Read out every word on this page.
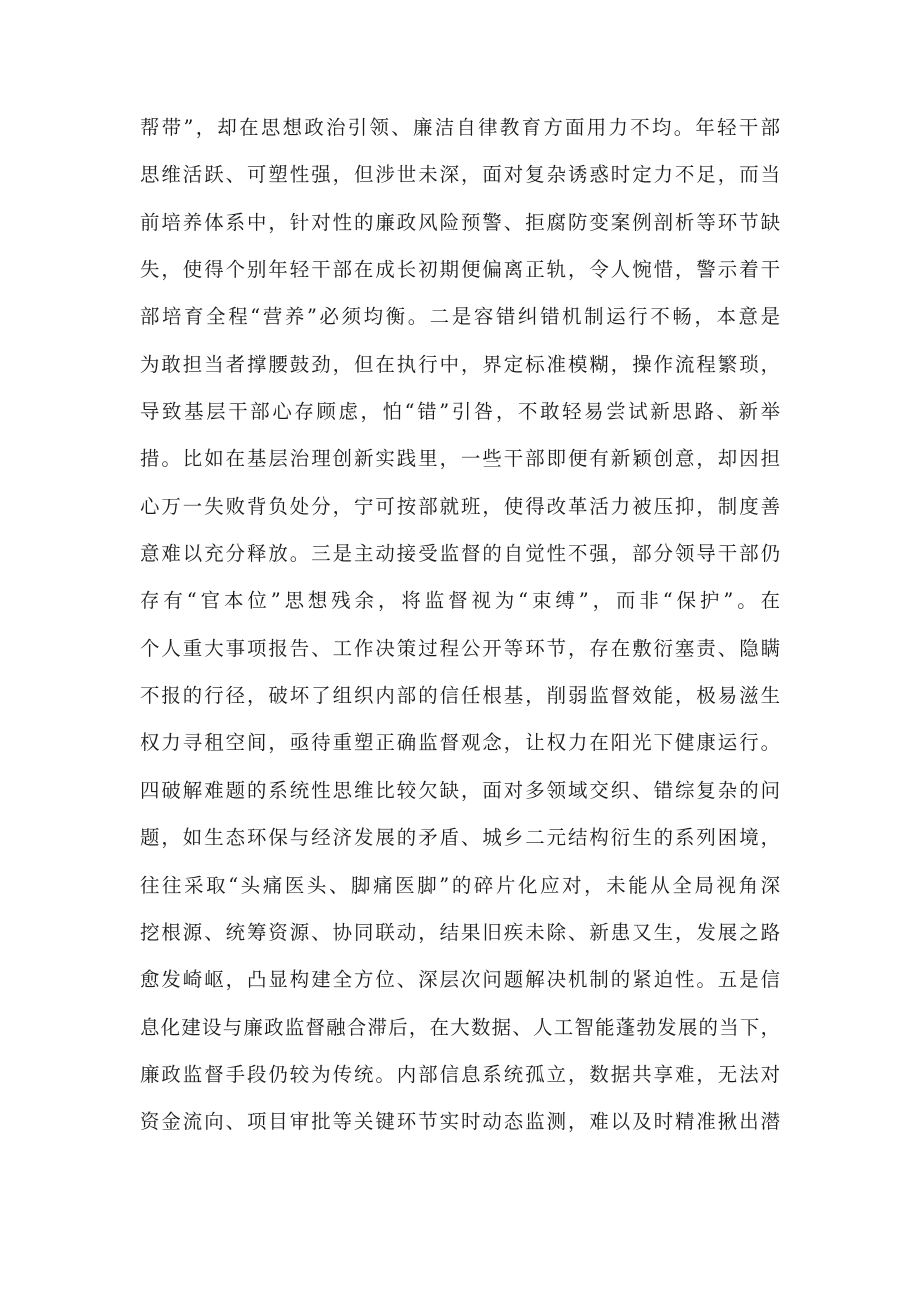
帮带”，却在思想政治引领、廉洁自律教育方面用力不均。年轻干部
思维活跃、可塑性强，但涉世未深，面对复杂诱惑时定力不足，而当
前培养体系中，针对性的廉政风险预警、拒腐防变案例剖析等环节缺
失，使得个别年轻干部在成长初期便偏离正轨，令人惋惜，警示着干
部培育全程“营养”必须均衡。二是容错纠错机制运行不畅，本意是
为敢担当者撑腰鼓劲，但在执行中，界定标准模糊，操作流程繁琐，
导致基层干部心存顾虑，怕“错”引咎，不敢轻易尝试新思路、新举
措。比如在基层治理创新实践里，一些干部即便有新颖创意，却因担
心万一失败背负处分，宁可按部就班，使得改革活力被压抑，制度善
意难以充分释放。三是主动接受监督的自觉性不强，部分领导干部仍
存有“官本位”思想残余，将监督视为“束缚”，而非“保护”。在
个人重大事项报告、工作决策过程公开等环节，存在敷衍塞责、隐瞒
不报的行径，破坏了组织内部的信任根基，削弱监督效能，极易滋生
权力寻租空间，亟待重塑正确监督观念，让权力在阳光下健康运行。
四破解难题的系统性思维比较欠缺，面对多领域交织、错综复杂的问
题，如生态环保与经济发展的矛盾、城乡二元结构衍生的系列困境，
往往采取“头痛医头、脚痛医脚”的碎片化应对，未能从全局视角深
挖根源、统筹资源、协同联动，结果旧疾未除、新患又生，发展之路
愈发崎岖，凸显构建全方位、深层次问题解决机制的紧迫性。五是信
息化建设与廉政监督融合滞后，在大数据、人工智能蓬勃发展的当下，
廉政监督手段仍较为传统。内部信息系统孤立，数据共享难，无法对
资金流向、项目审批等关键环节实时动态监测，难以及时精准揪出潜
